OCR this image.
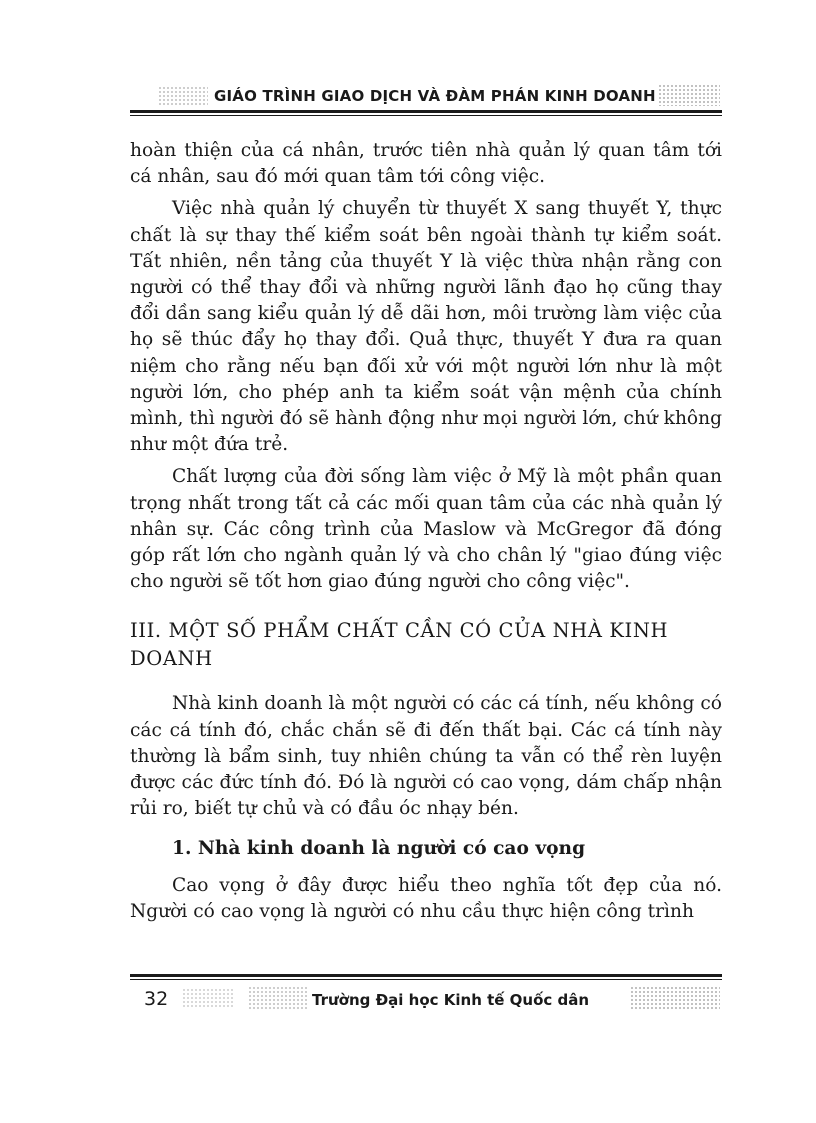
GIÁO TRÌNH GIAO DỊCH VÀ ĐÀM PHÁN KINH DOANH

hoàn thiện của cá nhân, trước tiên nhà quản lý quan tâm tới cá nhân, sau đó mới quan tâm tới công việc.

Việc nhà quản lý chuyển từ thuyết X sang thuyết Y, thực chất là sự thay thế kiểm soát bên ngoài thành tự kiểm soát. Tất nhiên, nền tảng của thuyết Y là việc thừa nhận rằng con người có thể thay đổi và những người lãnh đạo họ cũng thay đổi dần sang kiểu quản lý dễ dãi hơn, môi trường làm việc của họ sẽ thúc đẩy họ thay đổi. Quả thực, thuyết Y đưa ra quan niệm cho rằng nếu bạn đối xử với một người lớn như là một người lớn, cho phép anh ta kiểm soát vận mệnh của chính mình, thì người đó sẽ hành động như mọi người lớn, chứ không như một đứa trẻ.

Chất lượng của đời sống làm việc ở Mỹ là một phần quan trọng nhất trong tất cả các mối quan tâm của các nhà quản lý nhân sự. Các công trình của Maslow và McGregor đã đóng góp rất lớn cho ngành quản lý và cho chân lý "giao đúng việc cho người sẽ tốt hơn giao đúng người cho công việc".

III. MỘT SỐ PHẨM CHẤT CẦN CÓ CỦA NHÀ KINH DOANH

Nhà kinh doanh là một người có các cá tính, nếu không có các cá tính đó, chắc chắn sẽ đi đến thất bại. Các cá tính này thường là bẩm sinh, tuy nhiên chúng ta vẫn có thể rèn luyện được các đức tính đó. Đó là người có cao vọng, dám chấp nhận rủi ro, biết tự chủ và có đầu óc nhạy bén.

1. Nhà kinh doanh là người có cao vọng

Cao vọng ở đây được hiểu theo nghĩa tốt đẹp của nó. Người có cao vọng là người có nhu cầu thực hiện công trình

32	Trường Đại học Kinh tế Quốc dân
